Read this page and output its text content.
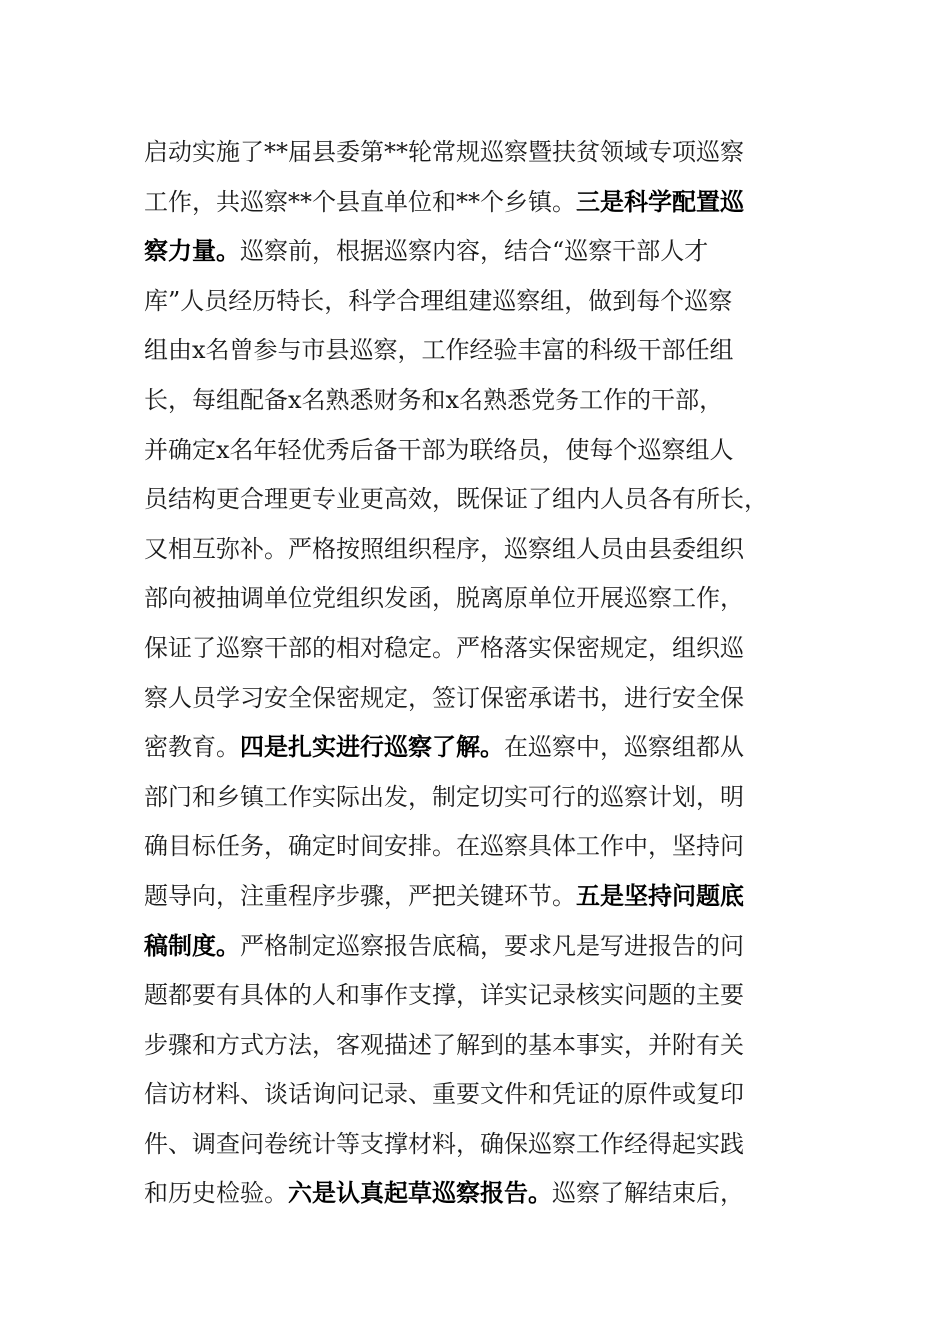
启动实施了**届县委第**轮常规巡察暨扶贫领域专项巡察
工作，共巡察**个县直单位和**个乡镇。三是科学配置巡
察力量。巡察前，根据巡察内容，结合“巡察干部人才
库”人员经历特长，科学合理组建巡察组，做到每个巡察
组由x名曾参与市县巡察，工作经验丰富的科级干部任组
长，每组配备x名熟悉财务和x名熟悉党务工作的干部，
并确定x名年轻优秀后备干部为联络员，使每个巡察组人
员结构更合理更专业更高效，既保证了组内人员各有所长，
又相互弥补。严格按照组织程序，巡察组人员由县委组织
部向被抽调单位党组织发函，脱离原单位开展巡察工作，
保证了巡察干部的相对稳定。严格落实保密规定，组织巡
察人员学习安全保密规定，签订保密承诺书，进行安全保
密教育。四是扎实进行巡察了解。在巡察中，巡察组都从
部门和乡镇工作实际出发，制定切实可行的巡察计划，明
确目标任务，确定时间安排。在巡察具体工作中，坚持问
题导向，注重程序步骤，严把关键环节。五是坚持问题底
稿制度。严格制定巡察报告底稿，要求凡是写进报告的问
题都要有具体的人和事作支撑，详实记录核实问题的主要
步骤和方式方法，客观描述了解到的基本事实，并附有关
信访材料、谈话询问记录、重要文件和凭证的原件或复印
件、调查问卷统计等支撑材料，确保巡察工作经得起实践
和历史检验。六是认真起草巡察报告。巡察了解结束后，
